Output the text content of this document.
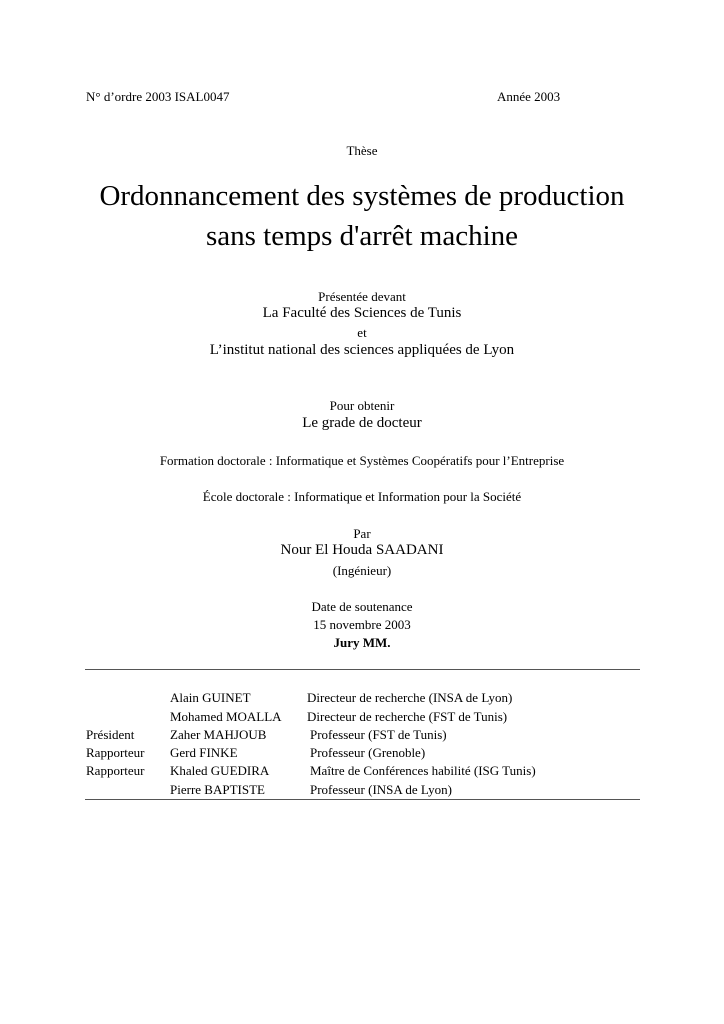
N° d’ordre 2003 ISAL0047	Année 2003
Thèse
Ordonnancement des systèmes de production
sans temps d'arrêt machine
Présentée devant
La Faculté des Sciences de Tunis
et
L’institut national des sciences appliquées de Lyon
Pour obtenir
Le grade de docteur
Formation doctorale : Informatique et Systèmes Coopératifs pour l’Entreprise
École doctorale : Informatique et Information pour la Société
Par
Nour El Houda SAADANI
(Ingénieur)
Date de soutenance
15 novembre 2003
Jury MM.
Alain GUINET	Directeur de recherche (INSA de Lyon)
Mohamed MOALLA Directeur de recherche (FST de Tunis)
Président	Zaher MAHJOUB	Professeur (FST de Tunis)
Rapporteur Gerd FINKE	Professeur (Grenoble)
Rapporteur Khaled GUEDIRA	Maître de Conférences habilité (ISG Tunis)
Pierre BAPTISTE	Professeur (INSA de Lyon)
